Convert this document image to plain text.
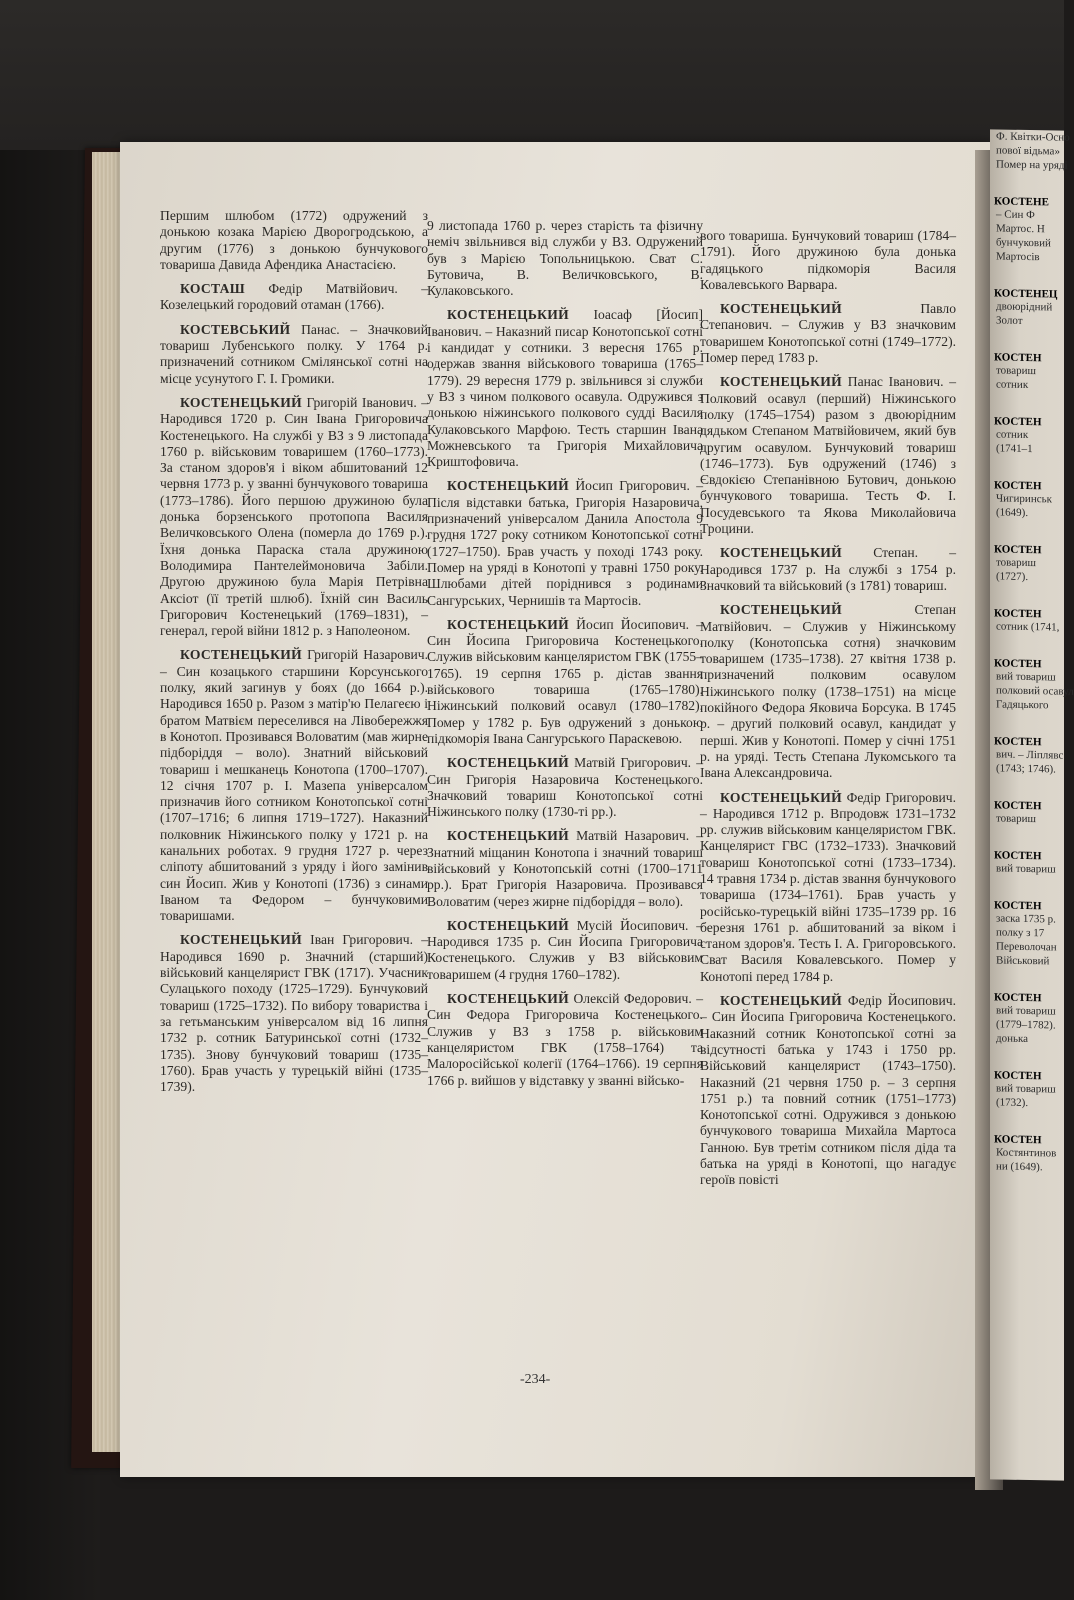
Ф. Квітки-Осно
пової відьма»
Помер на уряді
КОСТЕНЕ
– Син Ф
Мартос. Н
бунчуковий
Мартосів
КОСТЕНЕЦ
двоюрідний
Золот
КОСТЕН
товариш
сотник
КОСТЕН
сотник
(1741–1
КОСТЕН
Чигиринськ
(1649).
КОСТЕН
товариш
(1727).
КОСТЕН
сотник (1741,
КОСТЕН
вий товариш
полковий осавул
Гадяцького
КОСТЕН
вич. – Ліплявс
(1743; 1746).
КОСТЕН
товариш
КОСТЕН
вий товариш
КОСТЕН
заска 1735 р.
полку з 17
Переволочан
Військовий
КОСТЕН
вий товариш
(1779–1782).
донька
КОСТЕН
вий товариш
(1732).
КОСТЕН
Костянтинов
ни (1649).

Першим шлюбом (1772) одружений з донькою козака Марією Дворогродською, а другим (1776) з донькою бунчукового товариша Давида Афендика Анастасією.

КОСТАШ Федір Матвійович. – Козелецький городовий отаман (1766).

КОСТЕВСЬКИЙ Панас. – Значковий товариш Лубенського полку. У 1764 р. призначений сотником Смілянської сотні на місце усунутого Г. І. Громики.

КОСТЕНЕЦЬКИЙ Григорій Іванович. – Народився 1720 р. Син Івана Григоровича Костенецького. На службі у ВЗ з 9 листопада 1760 р. військовим товаришем (1760–1773). За станом здоров'я і віком абшитований 12 червня 1773 р. у званні бунчукового товариша (1773–1786). Його першою дружиною була донька борзенського протопопа Василя Величковського Олена (померла до 1769 р.). Їхня донька Параска стала дружиною Володимира Пантелеймоновича Забіли. Другою дружиною була Марія Петрівна Аксіот (її третій шлюб). Їхній син Василь Григорович Костенецький (1769–1831), – генерал, герой війни 1812 р. з Наполеоном.

КОСТЕНЕЦЬКИЙ Григорій Назарович. – Син козацького старшини Корсунського полку, який загинув у боях (до 1664 р.). Народився 1650 р. Разом з матір'ю Пелагеєю і братом Матвієм переселився на Лівобережжя в Конотоп. Прозивався Воловатим (мав жирне підборіддя – воло). Знатний військовий товариш і мешканець Конотопа (1700–1707). 12 січня 1707 р. І. Мазепа універсалом призначив його сотником Конотопської сотні (1707–1716; 6 липня 1719–1727). Наказний полковник Ніжинського полку у 1721 р. на канальних роботах. 9 грудня 1727 р. через сліпоту абшитований з уряду і його замінив син Йосип. Жив у Конотопі (1736) з синами Іваном та Федором – бунчуковими товаришами.

КОСТЕНЕЦЬКИЙ Іван Григорович. – Народився 1690 р. Значний (старший) військовий канцелярист ГВК (1717). Учасник Сулацького походу (1725–1729). Бунчуковий товариш (1725–1732). По вибору товариства і за гетьманським універсалом від 16 липня 1732 р. сотник Батуринської сотні (1732–1735). Знову бунчуковий товариш (1735–1760). Брав участь у турецькій війні (1735–1739).

9 листопада 1760 р. через старість та фізичну неміч звільнився від служби у ВЗ. Одружений був з Марією Топольницькою. Сват С. Бутовича, В. Величковського, В. Кулаковського.

КОСТЕНЕЦЬКИЙ Іоасаф [Йосип] Іванович. – Наказний писар Конотопської сотні і кандидат у сотники. 3 вересня 1765 р. одержав звання військового товариша (1765–1779). 29 вересня 1779 р. звільнився зі служби у ВЗ з чином полкового осавула. Одружився з донькою ніжинського полкового судді Василя Кулаковського Марфою. Тесть старшин Івана Можневського та Григорія Михайловича Криштофовича.

КОСТЕНЕЦЬКИЙ Йосип Григорович. – Після відставки батька, Григорія Назаровича, призначений універсалом Данила Апостола 9 грудня 1727 року сотником Конотопської сотні (1727–1750). Брав участь у поході 1743 року. Помер на уряді в Конотопі у травні 1750 року. Шлюбами дітей поріднився з родинами Сангурських, Чернишів та Мартосів.

КОСТЕНЕЦЬКИЙ Йосип Йосипович. – Син Йосипа Григоровича Костенецького. Служив військовим канцеляристом ГВК (1755–1765). 19 серпня 1765 р. дістав звання військового товариша (1765–1780). Ніжинський полковий осавул (1780–1782). Помер у 1782 р. Був одружений з донькою підкоморія Івана Сангурського Параскевою.

КОСТЕНЕЦЬКИЙ Матвій Григорович. – Син Григорія Назаровича Костенецького. Значковий товариш Конотопської сотні Ніжинського полку (1730-ті рр.).

КОСТЕНЕЦЬКИЙ Матвій Назарович. – Знатний міщанин Конотопа і значний товариш військовий у Конотопській сотні (1700–1711 рр.). Брат Григорія Назаровича. Прозивався Воловатим (через жирне підборіддя – воло).

КОСТЕНЕЦЬКИЙ Мусій Йосипович. – Народився 1735 р. Син Йосипа Григоровича Костенецького. Служив у ВЗ військовим товаришем (4 грудня 1760–1782).

КОСТЕНЕЦЬКИЙ Олексій Федорович. – Син Федора Григоровича Костенецького. Служив у ВЗ з 1758 р. військовим канцеляристом ГВК (1758–1764) та Малоросійської колегії (1764–1766). 19 серпня 1766 р. вийшов у відставку у званні військо-

вого товариша. Бунчуковий товариш (1784–1791). Його дружиною була донька гадяцького підкоморія Василя Ковалевського Варвара.

КОСТЕНЕЦЬКИЙ Павло Степанович. – Служив у ВЗ значковим товаришем Конотопської сотні (1749–1772). Помер перед 1783 р.

КОСТЕНЕЦЬКИЙ Панас Іванович. – Полковий осавул (перший) Ніжинського полку (1745–1754) разом з двоюрідним дядьком Степаном Матвійовичем, який був другим осавулом. Бунчуковий товариш (1746–1773). Був одружений (1746) з Євдокією Степанівною Бутович, донькою бунчукового товариша. Тесть Ф. І. Посудевського та Якова Миколайовича Троцини.

КОСТЕНЕЦЬКИЙ Степан. – Народився 1737 р. На службі з 1754 р. Значковий та військовий (з 1781) товариш.

КОСТЕНЕЦЬКИЙ Степан Матвійович. – Служив у Ніжинському полку (Конотопська сотня) значковим товаришем (1735–1738). 27 квітня 1738 р. призначений полковим осавулом Ніжинського полку (1738–1751) на місце покійного Федора Яковича Борсука. В 1745 р. – другий полковий осавул, кандидат у перші. Жив у Конотопі. Помер у січні 1751 р. на уряді. Тесть Степана Лукомського та Івана Александровича.

КОСТЕНЕЦЬКИЙ Федір Григорович. – Народився 1712 р. Впродовж 1731–1732 рр. служив військовим канцеляристом ГВК. Канцелярист ГВС (1732–1733). Значковий товариш Конотопської сотні (1733–1734). 14 травня 1734 р. дістав звання бунчукового товариша (1734–1761). Брав участь у російсько-турецькій війні 1735–1739 рр. 16 березня 1761 р. абшитований за віком і станом здоров'я. Тесть І. А. Григоровського. Сват Василя Ковалевського. Помер у Конотопі перед 1784 р.

КОСТЕНЕЦЬКИЙ Федір Йосипович. – Син Йосипа Григоровича Костенецького. Наказний сотник Конотопської сотні за відсутності батька у 1743 і 1750 рр. Військовий канцелярист (1743–1750). Наказний (21 червня 1750 р. – 3 серпня 1751 р.) та повний сотник (1751–1773) Конотопської сотні. Одружився з донькою бунчукового товариша Михайла Мартоса Ганною. Був третім сотником після діда та батька на уряді в Конотопі, що нагадує героїв повісті

-234-
